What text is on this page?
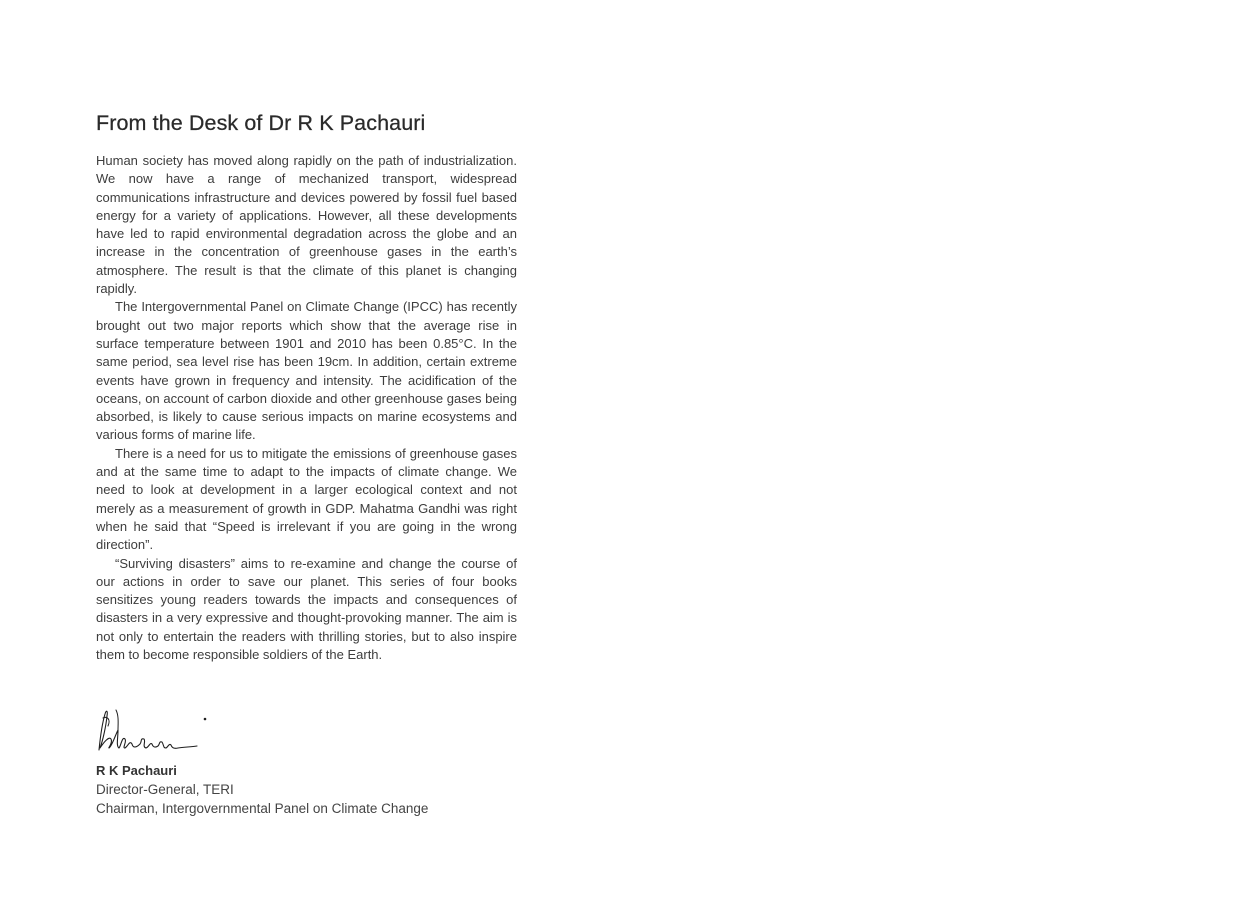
From the Desk of Dr R K Pachauri

Human society has moved along rapidly on the path of industrialization. We now have a range of mechanized transport, widespread communications infrastructure and devices powered by fossil fuel based energy for a variety of applications. However, all these developments have led to rapid environmental degradation across the globe and an increase in the concentration of greenhouse gases in the earth’s atmosphere. The result is that the climate of this planet is changing rapidly.

The Intergovernmental Panel on Climate Change (IPCC) has recently brought out two major reports which show that the average rise in surface temperature between 1901 and 2010 has been 0.85°C. In the same period, sea level rise has been 19cm. In addition, certain extreme events have grown in frequency and intensity. The acidification of the oceans, on account of carbon dioxide and other greenhouse gases being absorbed, is likely to cause serious impacts on marine ecosystems and various forms of marine life.

There is a need for us to mitigate the emissions of greenhouse gases and at the same time to adapt to the impacts of climate change. We need to look at development in a larger ecological context and not merely as a measurement of growth in GDP. Mahatma Gandhi was right when he said that “Speed is irrelevant if you are going in the wrong direction”.

“Surviving disasters” aims to re-examine and change the course of our actions in order to save our planet. This series of four books sensitizes young readers towards the impacts and consequences of disasters in a very expressive and thought-provoking manner. The aim is not only to entertain the readers with thrilling stories, but to also inspire them to become responsible soldiers of the Earth.

R K Pachauri
Director-General, TERI
Chairman, Intergovernmental Panel on Climate Change
